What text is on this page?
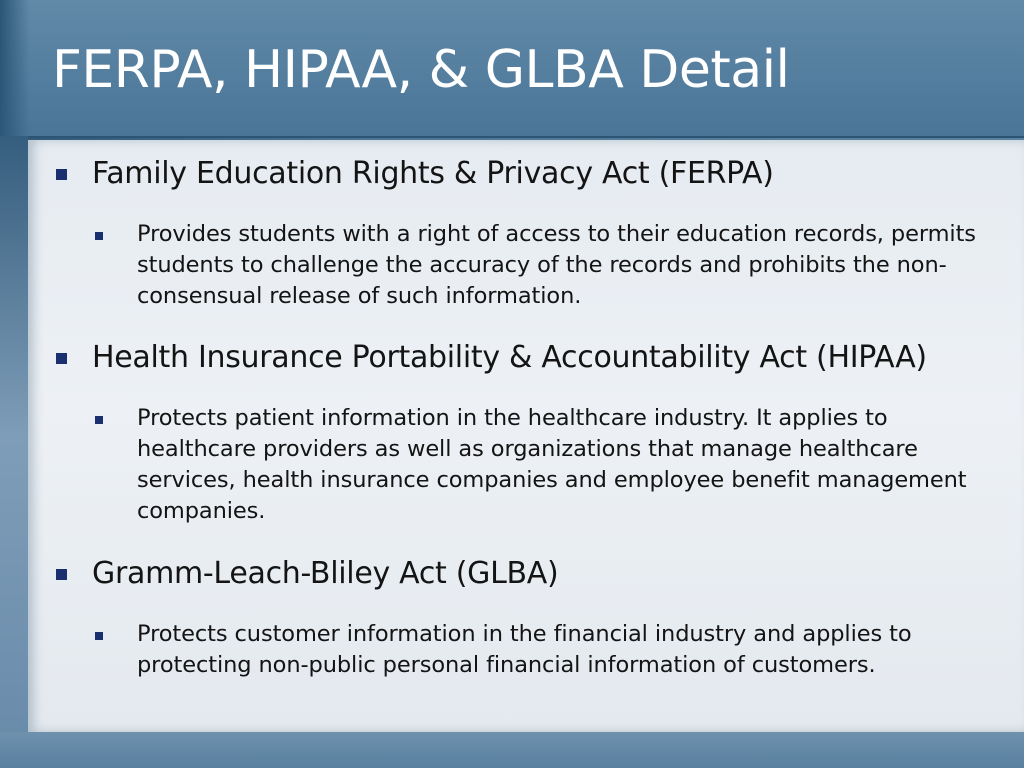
FERPA, HIPAA, & GLBA Detail
Family Education Rights & Privacy Act (FERPA)
Provides students with a right of access to their education records, permits students to challenge the accuracy of the records and prohibits the non-consensual release of such information.
Health Insurance Portability & Accountability Act (HIPAA)
Protects patient information in the healthcare industry. It applies to healthcare providers as well as organizations that manage healthcare services, health insurance companies and employee benefit management companies.
Gramm-Leach-Bliley Act (GLBA)
Protects customer information in the financial industry and applies to protecting non-public personal financial information of customers.
